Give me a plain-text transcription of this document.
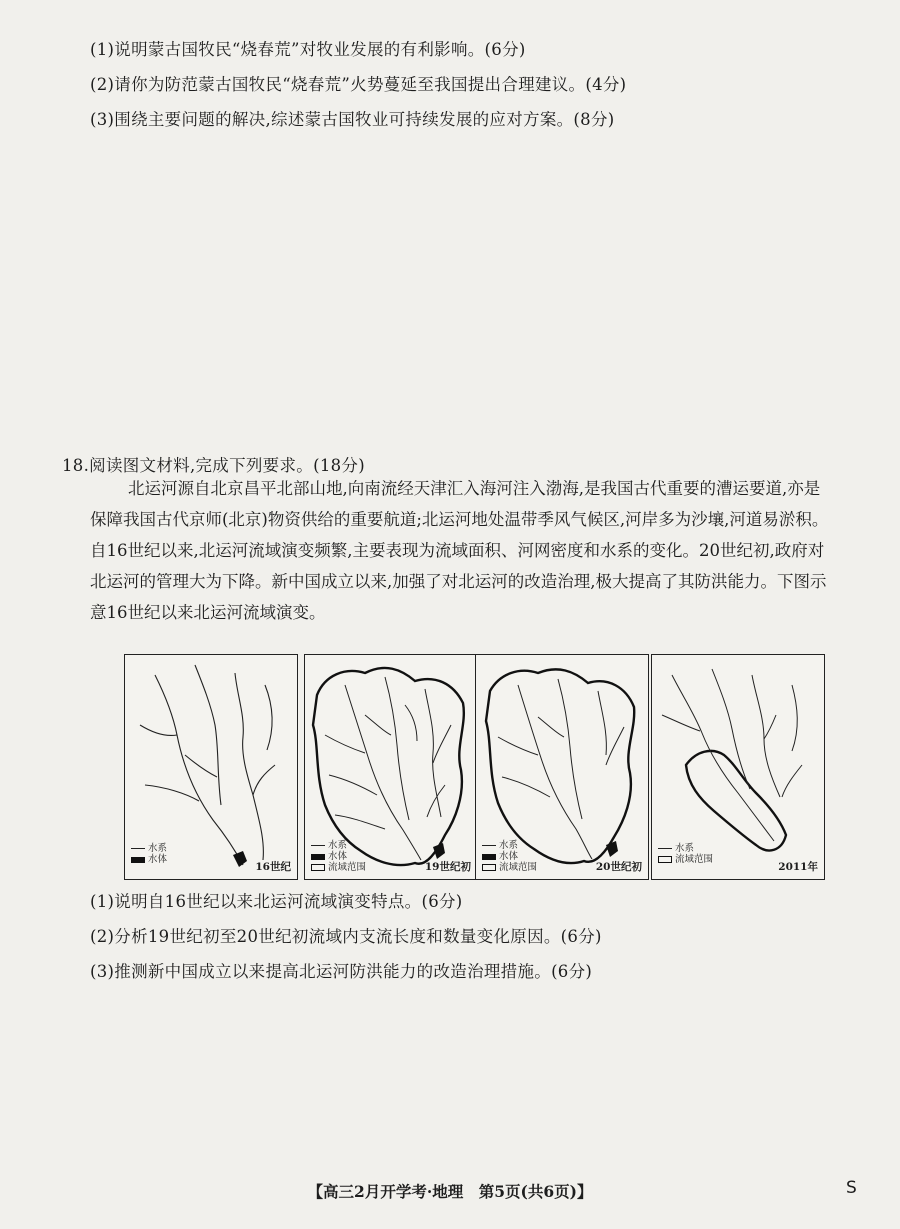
(1)说明蒙古国牧民“烧春荒”对牧业发展的有利影响。(6分)
(2)请你为防范蒙古国牧民“烧春荒”火势蔓延至我国提出合理建议。(4分)
(3)围绕主要问题的解决,综述蒙古国牧业可持续发展的应对方案。(8分)
18.阅读图文材料,完成下列要求。(18分)
北运河源自北京昌平北部山地,向南流经天津汇入海河注入渤海,是我国古代重要的漕运要道,亦是保障我国古代京师(北京)物资供给的重要航道;北运河地处温带季风气候区,河岸多为沙壤,河道易淤积。自16世纪以来,北运河流域演变频繁,主要表现为流域面积、河网密度和水系的变化。20世纪初,政府对北运河的管理大为下降。新中国成立以来,加强了对北运河的改造治理,极大提高了其防洪能力。下图示意16世纪以来北运河流域演变。
水系
水体
16世纪
水系
水体
流域范围	19世纪初
水系
水体
流域范围	20世纪初
水系
流域范围
2011年
(1)说明自16世纪以来北运河流域演变特点。(6分)
(2)分析19世纪初至20世纪初流域内支流长度和数量变化原因。(6分)
(3)推测新中国成立以来提高北运河防洪能力的改造治理措施。(6分)
【高三2月开学考·地理　第5页(共6页)】	S
